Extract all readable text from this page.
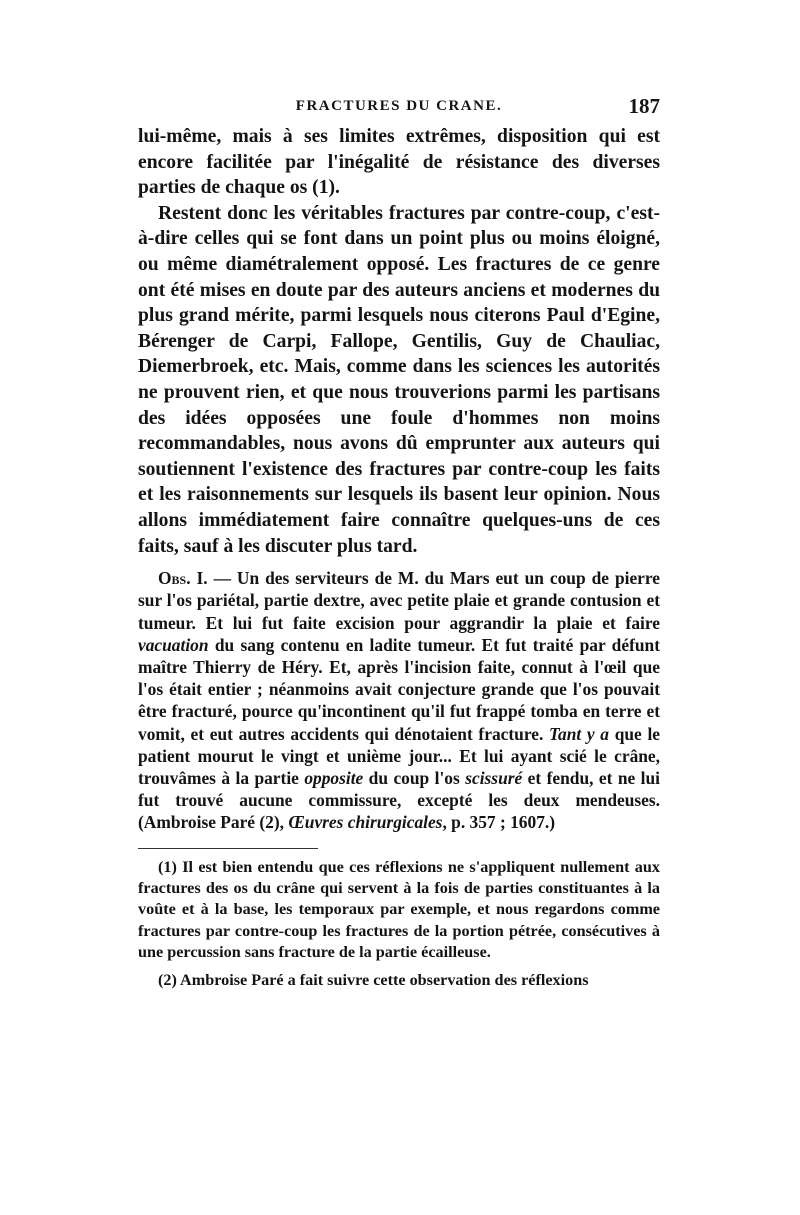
FRACTURES DU CRANE.	187

lui-même, mais à ses limites extrêmes, disposition qui est encore facilitée par l'inégalité de résistance des diverses parties de chaque os (1).

Restent donc les véritables fractures par contre-coup, c'est-à-dire celles qui se font dans un point plus ou moins éloigné, ou même diamétralement opposé. Les fractures de ce genre ont été mises en doute par des auteurs anciens et modernes du plus grand mérite, parmi lesquels nous citerons Paul d'Egine, Bérenger de Carpi, Fallope, Gentilis, Guy de Chauliac, Diemerbroek, etc. Mais, comme dans les sciences les autorités ne prouvent rien, et que nous trouverions parmi les partisans des idées opposées une foule d'hommes non moins recommandables, nous avons dû emprunter aux auteurs qui soutiennent l'existence des fractures par contre-coup les faits et les raisonnements sur lesquels ils basent leur opinion. Nous allons immédiatement faire connaître quelques-uns de ces faits, sauf à les discuter plus tard.

Obs. I. — Un des serviteurs de M. du Mars eut un coup de pierre sur l'os pariétal, partie dextre, avec petite plaie et grande contusion et tumeur. Et lui fut faite excision pour aggrandir la plaie et faire vacuation du sang contenu en ladite tumeur. Et fut traité par défunt maître Thierry de Héry. Et, après l'incision faite, connut à l'œil que l'os était entier ; néanmoins avait conjecture grande que l'os pouvait être fracturé, pource qu'incontinent qu'il fut frappé tomba en terre et vomit, et eut autres accidents qui dénotaient fracture. Tant y a que le patient mourut le vingt et unième jour... Et lui ayant scié le crâne, trouvâmes à la partie opposite du coup l'os scissuré et fendu, et ne lui fut trouvé aucune commissure, excepté les deux mendeuses. (Ambroise Paré (2), Œuvres chirurgicales, p. 357 ; 1607.)

(1) Il est bien entendu que ces réflexions ne s'appliquent nullement aux fractures des os du crâne qui servent à la fois de parties constituantes à la voûte et à la base, les temporaux par exemple, et nous regardons comme fractures par contre-coup les fractures de la portion pétrée, consécutives à une percussion sans fracture de la partie écailleuse.

(2) Ambroise Paré a fait suivre cette observation des réflexions
